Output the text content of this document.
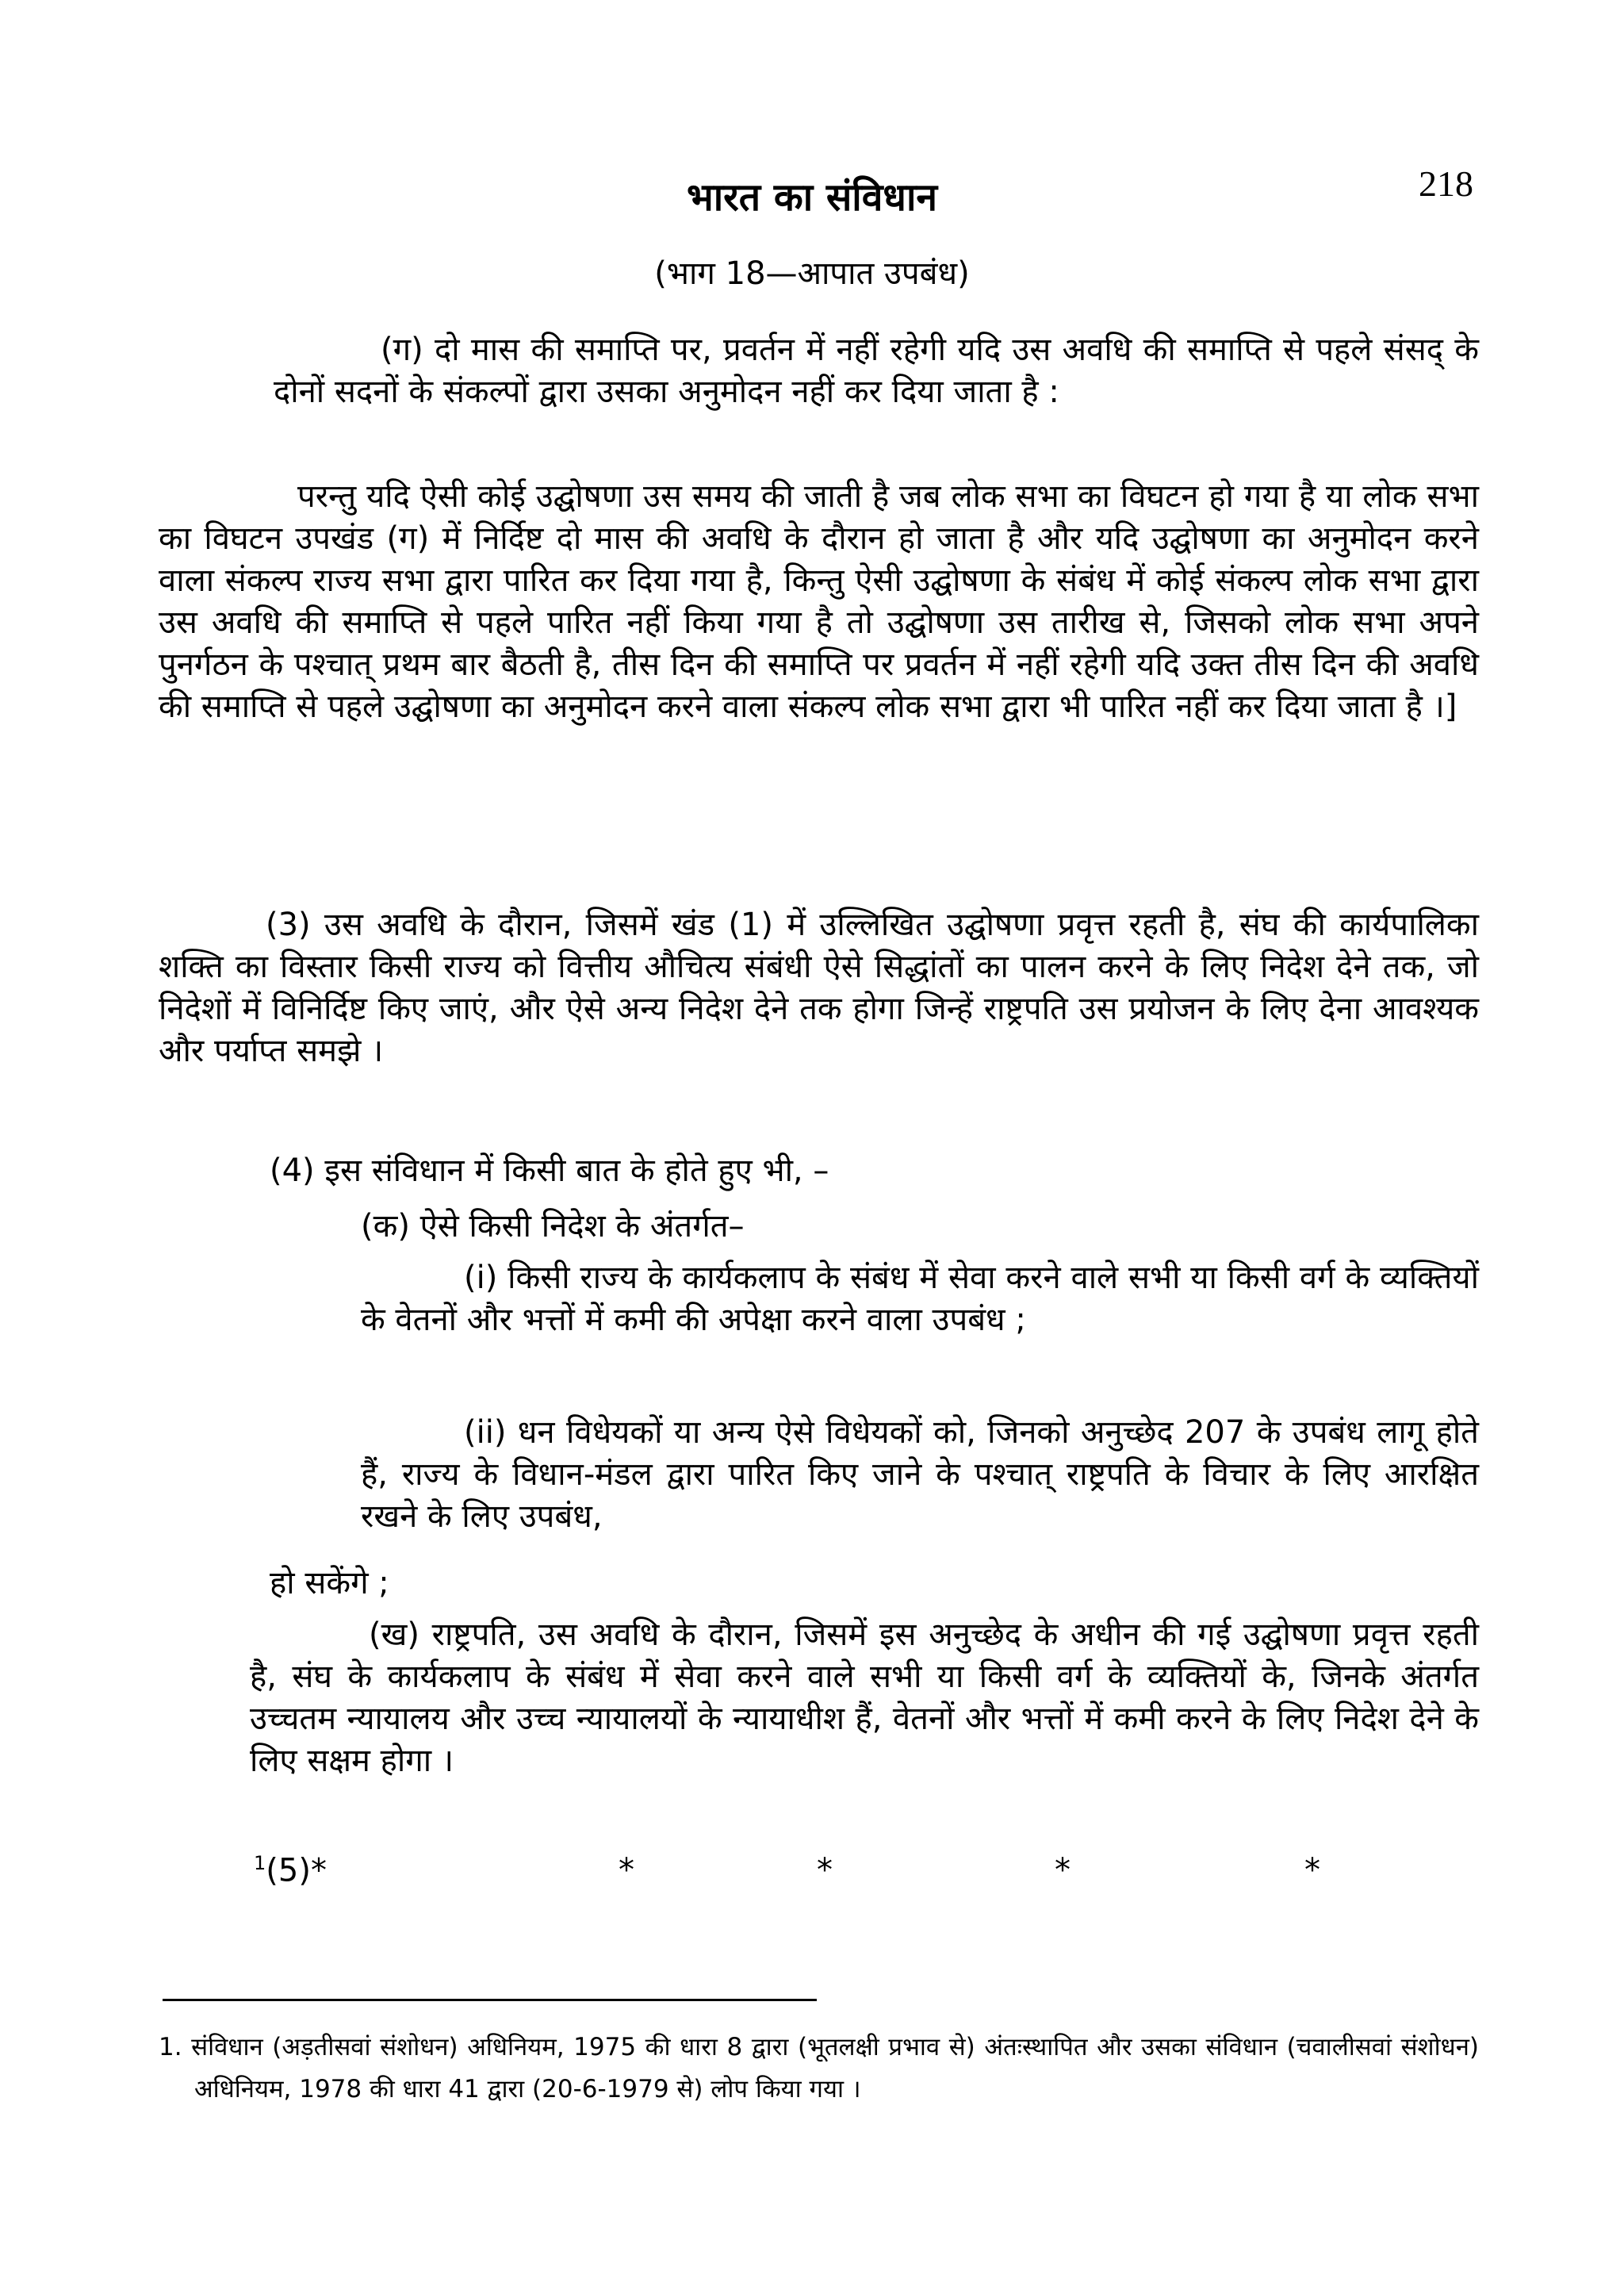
218
भारत का संविधान
(भाग 18—आपात उपबंध)
(ग) दो मास की समाप्ति पर, प्रवर्तन में नहीं रहेगी यदि उस अवधि की समाप्ति से पहले संसद् के दोनों सदनों के संकल्पों द्वारा उसका अनुमोदन नहीं कर दिया जाता है :
परन्तु यदि ऐसी कोई उद्घोषणा उस समय की जाती है जब लोक सभा का विघटन हो गया है या लोक सभा का विघटन उपखंड (ग) में निर्दिष्ट दो मास की अवधि के दौरान हो जाता है और यदि उद्घोषणा का अनुमोदन करने वाला संकल्प राज्य सभा द्वारा पारित कर दिया गया है, किन्तु ऐसी उद्घोषणा के संबंध में कोई संकल्प लोक सभा द्वारा उस अवधि की समाप्ति से पहले पारित नहीं किया गया है तो उद्घोषणा उस तारीख से, जिसको लोक सभा अपने पुनर्गठन के पश्चात् प्रथम बार बैठती है, तीस दिन की समाप्ति पर प्रवर्तन में नहीं रहेगी यदि उक्त तीस दिन की अवधि की समाप्ति से पहले उद्घोषणा का अनुमोदन करने वाला संकल्प लोक सभा द्वारा भी पारित नहीं कर दिया जाता है ।]
(3) उस अवधि के दौरान, जिसमें खंड (1) में उल्लिखित उद्घोषणा प्रवृत्त रहती है, संघ की कार्यपालिका शक्ति का विस्तार किसी राज्य को वित्तीय औचित्य संबंधी ऐसे सिद्धांतों का पालन करने के लिए निदेश देने तक, जो निदेशों में विनिर्दिष्ट किए जाएं, और ऐसे अन्य निदेश देने तक होगा जिन्हें राष्ट्रपति उस प्रयोजन के लिए देना आवश्यक और पर्याप्त समझे ।
(4) इस संविधान में किसी बात के होते हुए भी, –
(क) ऐसे किसी निदेश के अंतर्गत–
(i) किसी राज्य के कार्यकलाप के संबंध में सेवा करने वाले सभी या किसी वर्ग के व्यक्तियों के वेतनों और भत्तों में कमी की अपेक्षा करने वाला उपबंध ;
(ii) धन विधेयकों या अन्य ऐसे विधेयकों को, जिनको अनुच्छेद 207 के उपबंध लागू होते हैं, राज्य के विधान-मंडल द्वारा पारित किए जाने के पश्चात् राष्ट्रपति के विचार के लिए आरक्षित रखने के लिए उपबंध,
हो सकेंगे ;
(ख) राष्ट्रपति, उस अवधि के दौरान, जिसमें इस अनुच्छेद के अधीन की गई उद्घोषणा प्रवृत्त रहती है, संघ के कार्यकलाप के संबंध में सेवा करने वाले सभी या किसी वर्ग के व्यक्तियों के, जिनके अंतर्गत उच्चतम न्यायालय और उच्च न्यायालयों के न्यायाधीश हैं, वेतनों और भत्तों में कमी करने के लिए निदेश देने के लिए सक्षम होगा ।
$^1$(5)*	*	*	*	*
1. संविधान (अड़तीसवां संशोधन) अधिनियम, 1975 की धारा 8 द्वारा (भूतलक्षी प्रभाव से) अंतःस्थापित और उसका संविधान (चवालीसवां संशोधन) अधिनियम, 1978 की धारा 41 द्वारा (20-6-1979 से) लोप किया गया ।
